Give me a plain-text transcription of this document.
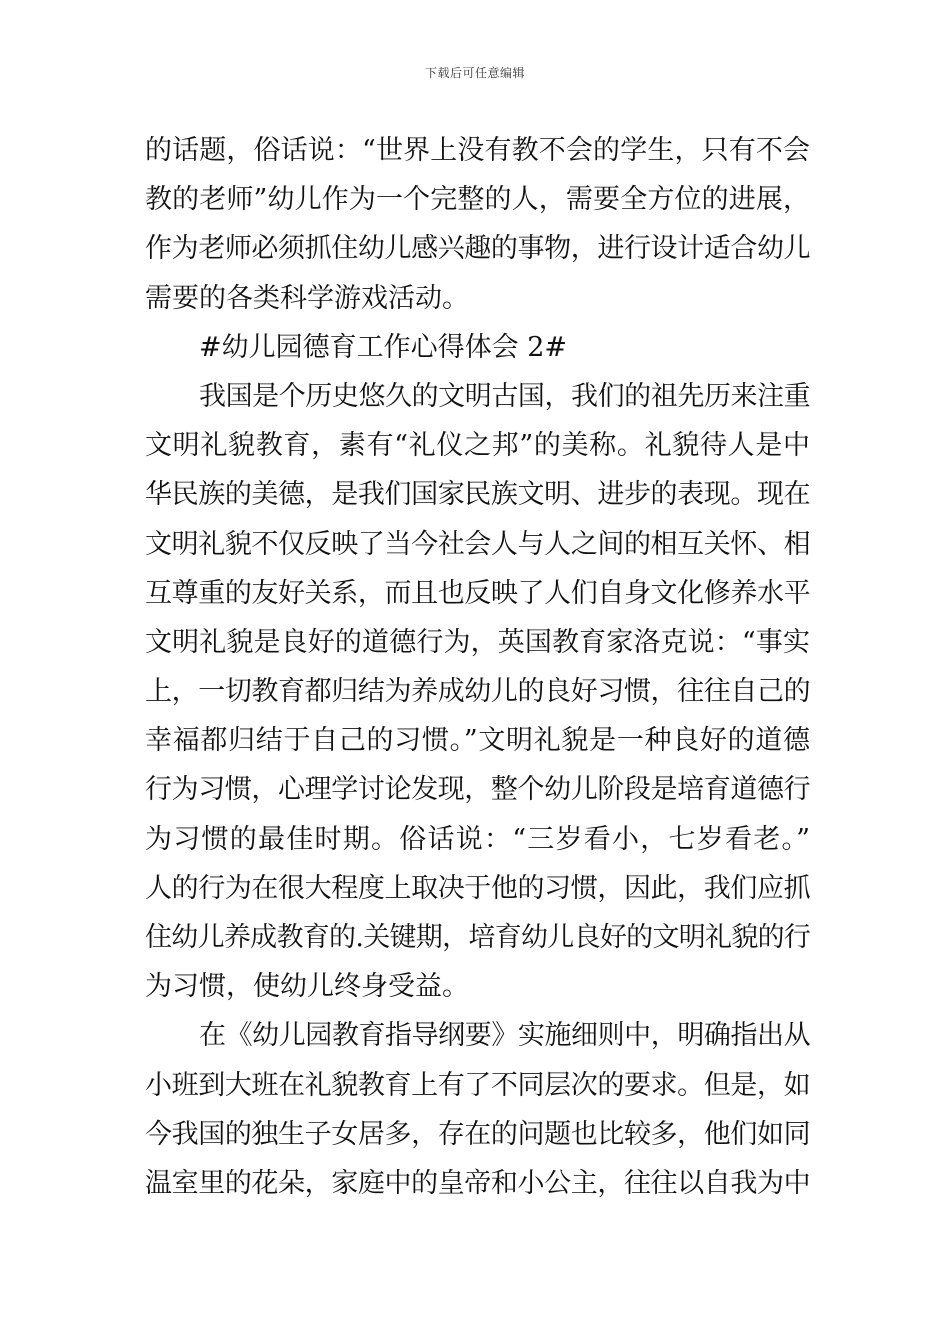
下载后可任意编辑
的话题，俗话说：“世界上没有教不会的学生，只有不会
教的老师”幼儿作为一个完整的人，需要全方位的进展，
作为老师必须抓住幼儿感兴趣的事物，进行设计适合幼儿
需要的各类科学游戏活动。
#幼儿园德育工作心得体会 2#
我国是个历史悠久的文明古国，我们的祖先历来注重
文明礼貌教育，素有“礼仪之邦”的美称。礼貌待人是中
华民族的美德，是我们国家民族文明、进步的表现。现在
文明礼貌不仅反映了当今社会人与人之间的相互关怀、相
互尊重的友好关系，而且也反映了人们自身文化修养水平
文明礼貌是良好的道德行为，英国教育家洛克说：“事实
上，一切教育都归结为养成幼儿的良好习惯，往往自己的
幸福都归结于自己的习惯。”文明礼貌是一种良好的道德
行为习惯，心理学讨论发现，整个幼儿阶段是培育道德行
为习惯的最佳时期。俗话说：“三岁看小，七岁看老。”
人的行为在很大程度上取决于他的习惯，因此，我们应抓
住幼儿养成教育的.关键期，培育幼儿良好的文明礼貌的行
为习惯，使幼儿终身受益。
在《幼儿园教育指导纲要》实施细则中，明确指出从
小班到大班在礼貌教育上有了不同层次的要求。但是，如
今我国的独生子女居多，存在的问题也比较多，他们如同
温室里的花朵，家庭中的皇帝和小公主，往往以自我为中
